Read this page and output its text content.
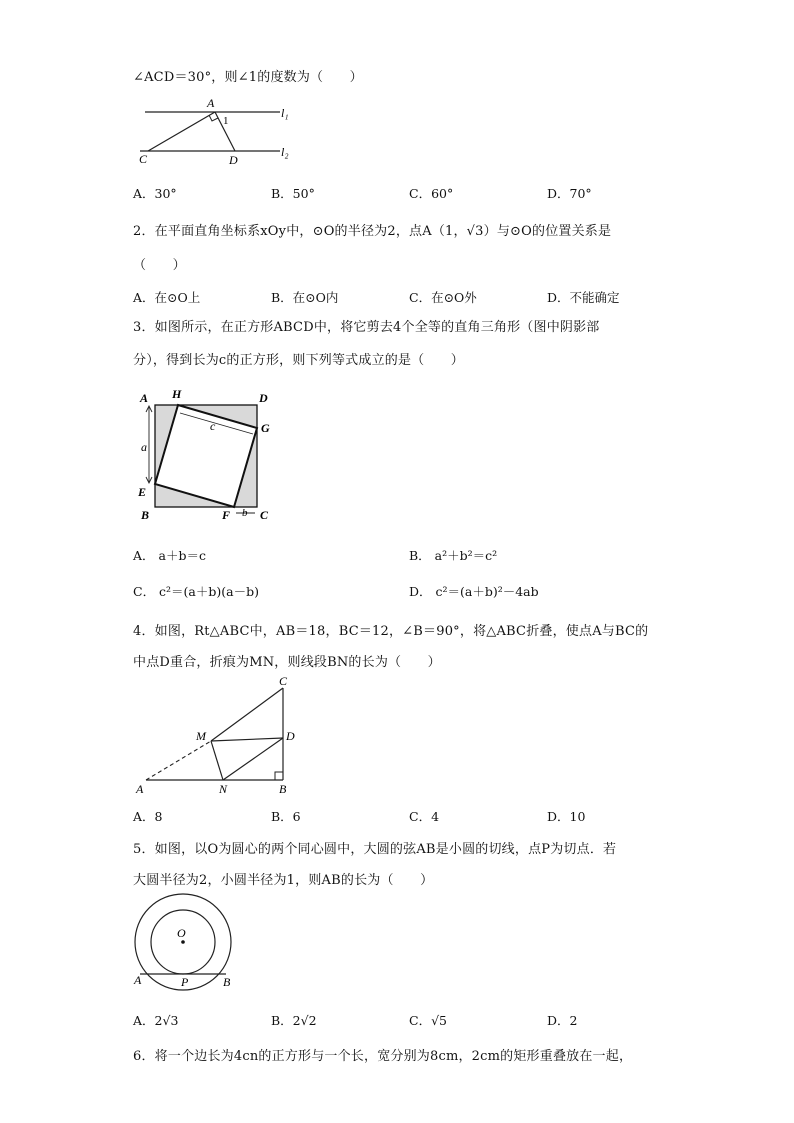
∠ACD＝30°，则∠1的度数为（　　）
A
1
C	D
l₁
l₂
A．30°	B．50°	C．60°	D．70°
2．在平面直角坐标系xOy中，⊙O的半径为2，点A（1，√3）与⊙O的位置关系是
（　　）
A．在⊙O上	B．在⊙O内	C．在⊙O外	D．不能确定
3．如图所示，在正方形ABCD中，将它剪去4个全等的直角三角形（图中阴影部
分），得到长为c的正方形，则下列等式成立的是（　　）
A H	D
G
E
B	F C
a
c
b
A． a＋b＝c	B． a²＋b²＝c²
C． c²＝(a＋b)(a－b)	D． c²＝(a＋b)²－4ab
4．如图，Rt△ABC中，AB＝18，BC＝12，∠B＝90°，将△ABC折叠，使点A与BC的
中点D重合，折痕为MN，则线段BN的长为（　　）
C
M	D
A	N	B
A．8	B．6	C．4	D．10
5．如图，以O为圆心的两个同心圆中，大圆的弦AB是小圆的切线，点P为切点．若
大圆半径为2，小圆半径为1，则AB的长为（　　）
O
A	P	B
A．2√3	B．2√2	C．√5	D．2
6．将一个边长为4cn的正方形与一个长，宽分别为8cm，2cm的矩形重叠放在一起，
